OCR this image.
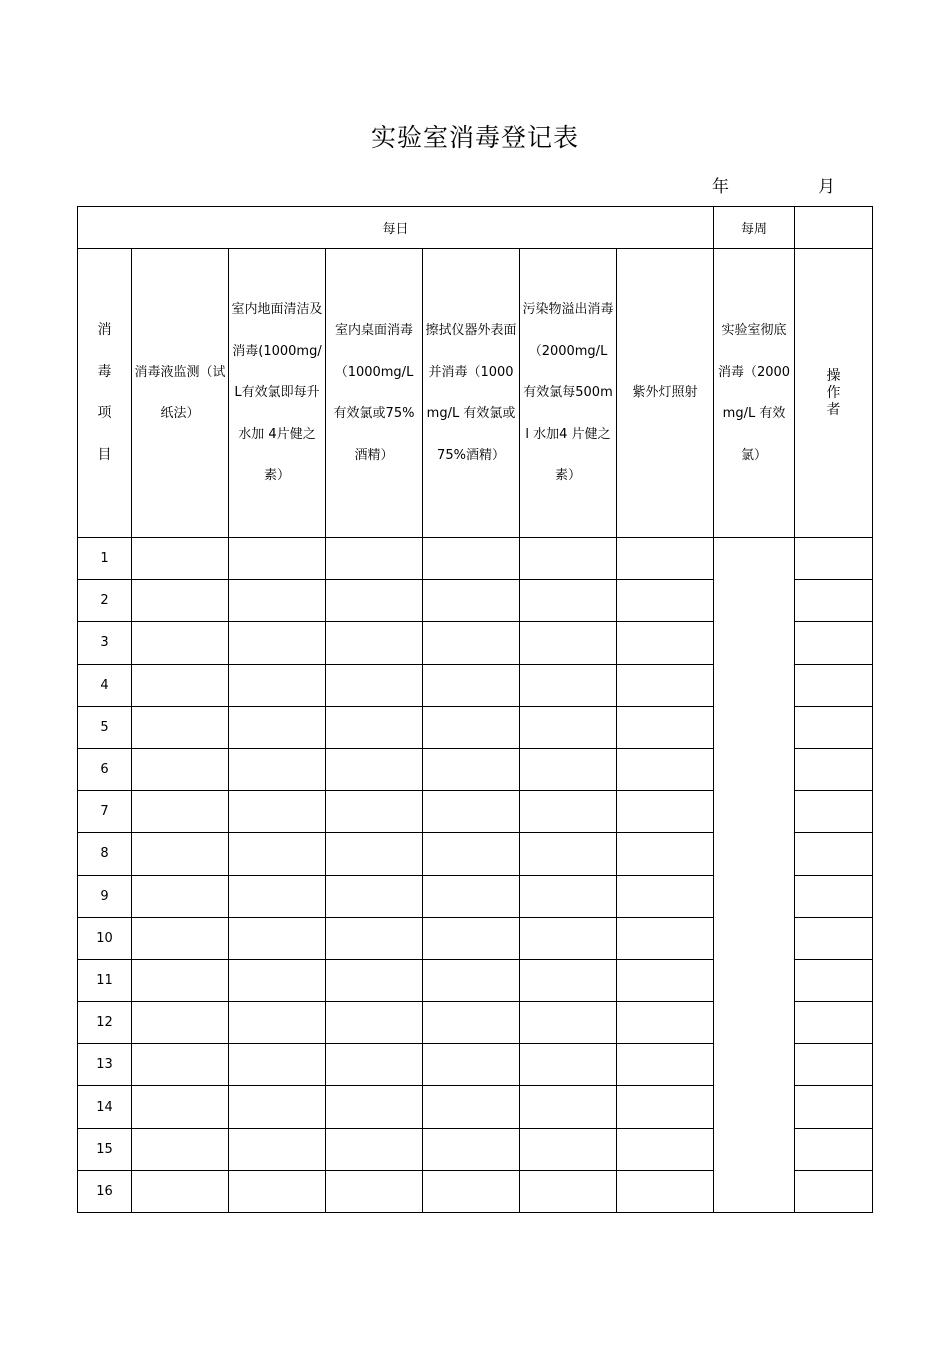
实验室消毒登记表
年	月
每日							每周	
消毒项目	消毒液监测（试纸法）	室内地面清洁及消毒(1000mg/L有效氯即每升水加 4片健之素）	室内桌面消毒（1000mg/L 有效氯或75%酒精）	擦拭仪器外表面并消毒（1000mg/L 有效氯或75%酒精）	污染物溢出消毒（2000mg/L 有效氯每500ml 水加4 片健之素）	紫外灯照射	实验室彻底消毒（2000mg/L 有效氯）	操作者
1								
2								
3								
4								
5								
6								
7								
8								
9								
10								
11								
12								
13								
14								
15								
16								
